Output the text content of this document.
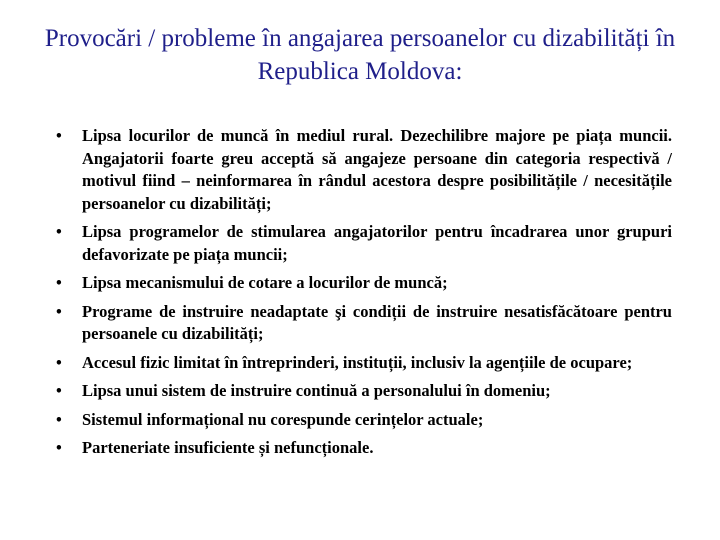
Provocări / probleme în angajarea persoanelor cu dizabilități în Republica Moldova:
• Lipsa locurilor de muncă în mediul rural. Dezechilibre majore pe piața muncii. Angajatorii foarte greu acceptă să angajeze persoane din categoria respectivă / motivul fiind – neinformarea în rândul acestora despre posibilitățile / necesitățile persoanelor cu dizabilități;
• Lipsa programelor de stimularea angajatorilor pentru încadrarea unor grupuri defavorizate pe piața muncii;
• Lipsa mecanismului de cotare a locurilor de muncă;
• Programe de instruire neadaptate şi condiții de instruire nesatisfăcătoare pentru persoanele cu dizabilități;
• Accesul fizic limitat în întreprinderi, instituții, inclusiv la agențiile de ocupare;
• Lipsa unui sistem de instruire continuă a personalului în domeniu;
• Sistemul informațional nu corespunde cerințelor actuale;
• Parteneriate insuficiente și nefuncționale.
